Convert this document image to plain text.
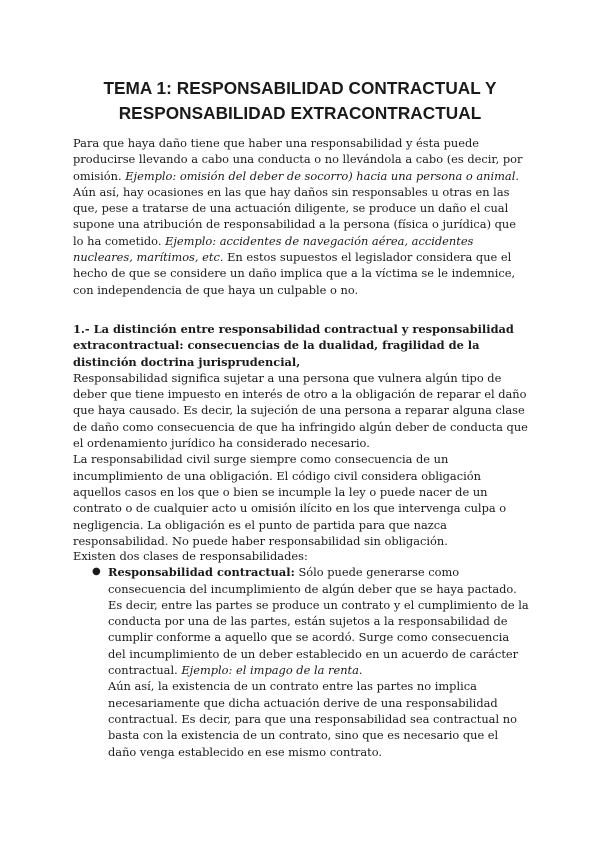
TEMA 1: RESPONSABILIDAD CONTRACTUAL Y
RESPONSABILIDAD EXTRACONTRACTUAL

Para que haya daño tiene que haber una responsabilidad y ésta puede producirse llevando a cabo una conducta o no llevándola a cabo (es decir, por omisión. Ejemplo: omisión del deber de socorro) hacia una persona o animal.

Aún así, hay ocasiones en las que hay daños sin responsables u otras en las que, pese a tratarse de una actuación diligente, se produce un daño el cual supone una atribución de responsabilidad a la persona (física o jurídica) que lo ha cometido. Ejemplo: accidentes de navegación aérea, accidentes nucleares, marítimos, etc. En estos supuestos el legislador considera que el hecho de que se considere un daño implica que a la víctima se le indemnice, con independencia de que haya un culpable o no.

1.- La distinción entre responsabilidad contractual y responsabilidad extracontractual: consecuencias de la dualidad, fragilidad de la distinción doctrina jurisprudencial,

Responsabilidad significa sujetar a una persona que vulnera algún tipo de deber que tiene impuesto en interés de otro a la obligación de reparar el daño que haya causado. Es decir, la sujeción de una persona a reparar alguna clase de daño como consecuencia de que ha infringido algún deber de conducta que el ordenamiento jurídico ha considerado necesario.

La responsabilidad civil surge siempre como consecuencia de un incumplimiento de una obligación. El código civil considera obligación aquellos casos en los que o bien se incumple la ley o puede nacer de un contrato o de cualquier acto u omisión ilícito en los que intervenga culpa o negligencia. La obligación es el punto de partida para que nazca responsabilidad. No puede haber responsabilidad sin obligación.

Existen dos clases de responsabilidades:

● Responsabilidad contractual: Sólo puede generarse como consecuencia del incumplimiento de algún deber que se haya pactado. Es decir, entre las partes se produce un contrato y el cumplimiento de la conducta por una de las partes, están sujetos a la responsabilidad de cumplir conforme a aquello que se acordó. Surge como consecuencia del incumplimiento de un deber establecido en un acuerdo de carácter contractual. Ejemplo: el impago de la renta.

Aún así, la existencia de un contrato entre las partes no implica necesariamente que dicha actuación derive de una responsabilidad contractual. Es decir, para que una responsabilidad sea contractual no basta con la existencia de un contrato, sino que es necesario que el daño venga establecido en ese mismo contrato.
